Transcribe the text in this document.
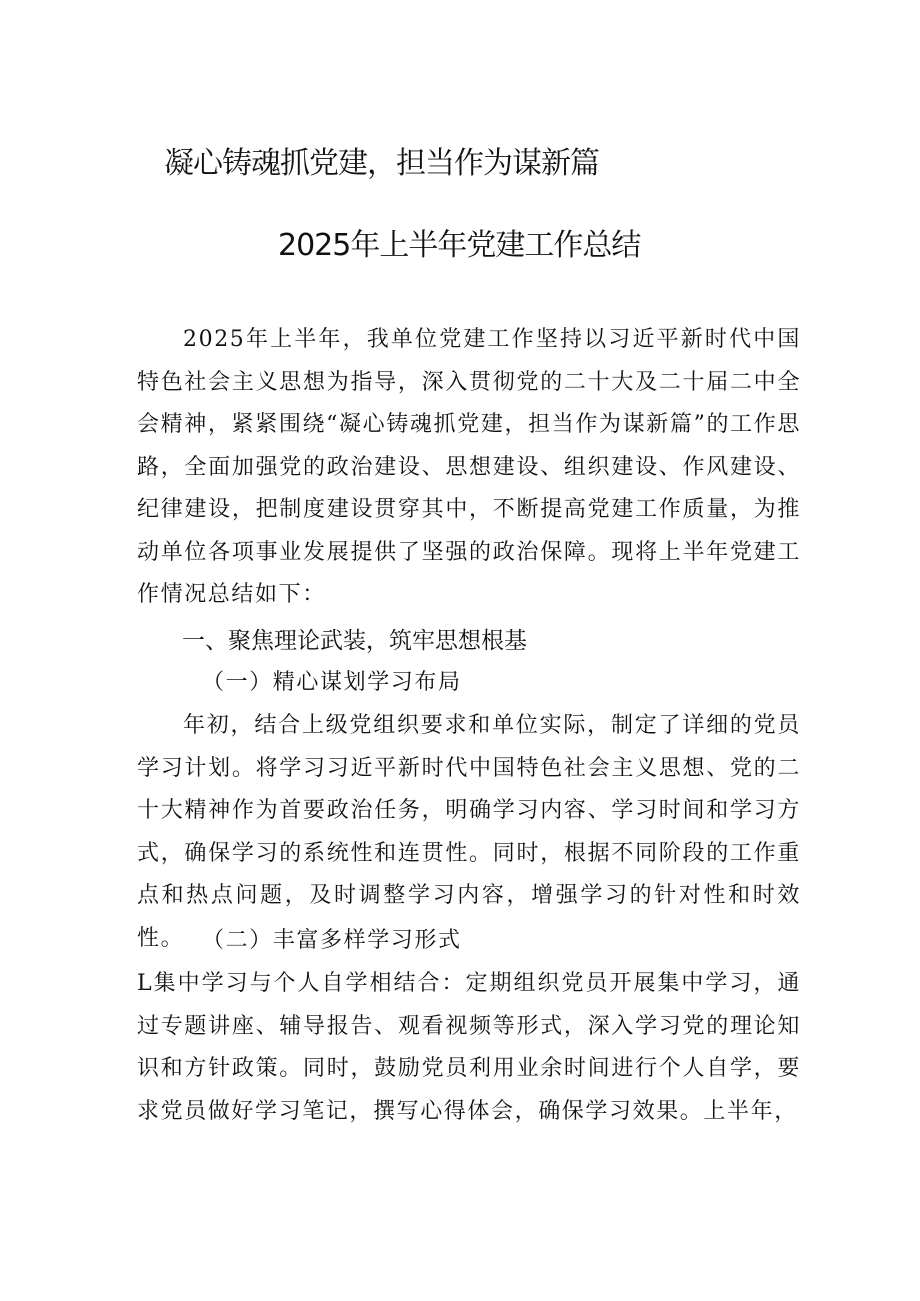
凝心铸魂抓党建，担当作为谋新篇
2025年上半年党建工作总结

2025年上半年，我单位党建工作坚持以习近平新时代中国特色社会主义思想为指导，深入贯彻党的二十大及二十届二中全会精神，紧紧围绕“凝心铸魂抓党建，担当作为谋新篇”的工作思路，全面加强党的政治建设、思想建设、组织建设、作风建设、纪律建设，把制度建设贯穿其中，不断提高党建工作质量，为推动单位各项事业发展提供了坚强的政治保障。现将上半年党建工作情况总结如下：

一、聚焦理论武装，筑牢思想根基
（一）精心谋划学习布局

年初，结合上级党组织要求和单位实际，制定了详细的党员学习计划。将学习习近平新时代中国特色社会主义思想、党的二十大精神作为首要政治任务，明确学习内容、学习时间和学习方式，确保学习的系统性和连贯性。同时，根据不同阶段的工作重点和热点问题，及时调整学习内容，增强学习的针对性和时效性。 （二）丰富多样学习形式

L集中学习与个人自学相结合：定期组织党员开展集中学习，通过专题讲座、辅导报告、观看视频等形式，深入学习党的理论知识和方针政策。同时，鼓励党员利用业余时间进行个人自学，要求党员做好学习笔记，撰写心得体会，确保学习效果。上半年，
